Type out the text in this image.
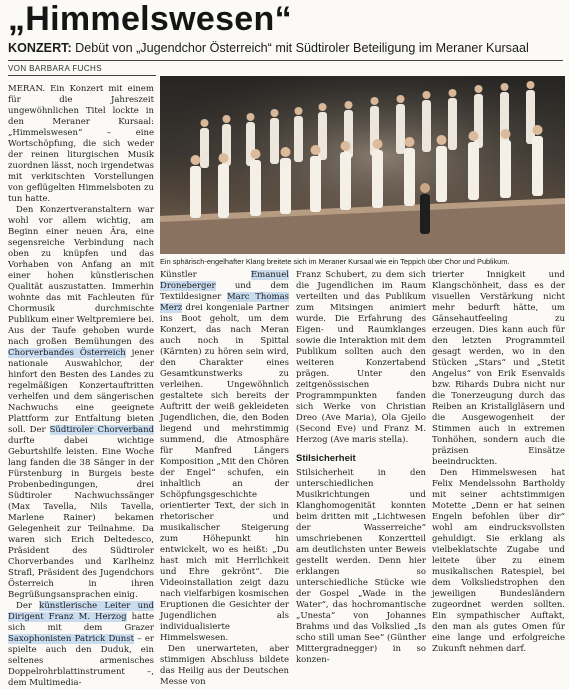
„Himmelswesen“
KONZERT: Debüt von „Jugendchor Österreich“ mit Südtiroler Beteiligung im Meraner Kursaal
VON BARBARA FUCHS
Ein sphärisch-engelhafter Klang breitete sich im Meraner Kursaal wie ein Teppich über Chor und Publikum.

MERAN. Ein Konzert mit einem für die Jahreszeit ungewöhnlichen Titel lockte in den Meraner Kursaal: „Himmelswesen“ – eine Wortschöpfung, die sich weder der reinen liturgischen Musik zuordnen lässt, noch irgendetwas mit verkitschten Vorstellungen von geflügelten Himmelsboten zu tun hatte.

Den Konzertveranstaltern war wohl vor allem wichtig, am Beginn einer neuen Ära, eine segensreiche Verbindung nach oben zu knüpfen und das Vorhaben von Anfang an mit einer hohen künstlerischen Qualität auszustatten. Immerhin wohnte das mit Fachleuten für Chormusik durchmischte Publikum einer Weltpremiere bei. Aus der Taufe gehoben wurde nach großen Bemühungen des Chorverbandes Österreich jener nationale Auswahlchor, der hinfort den Besten des Landes zu regelmäßigen Konzertauftritten verhelfen und dem sängerischen Nachwuchs eine geeignete Plattform zur Entfaltung bieten soll. Der Südtiroler Chorverband durfte dabei wichtige Geburtshilfe leisten. Eine Woche lang fanden die 38 Sänger in der Fürstenburg in Burgeis beste Probenbedingungen, drei Südtiroler Nachwuchssänger (Max Tavella, Nils Tavella, Marlene Rainer) bekamen Gelegenheit zur Teilnahme. Da waren sich Erich Deltedesco, Präsident des Südtiroler Chorverbandes und Karlheinz Strafl, Präsident des Jugendchors Österreich in ihren Begrüßungsansprachen einig.

Der künstlerische Leiter und Dirigent Franz M. Herzog hatte sich mit dem Grazer Saxophonisten Patrick Dunst – er spielte auch den Duduk, ein seltenes armenisches Doppelrohrblattinstrument –, dem Multimedia-

Künstler Emanuel Droneberger und dem Textildesigner Marc Thomas Merz drei kongeniale Partner ins Boot geholt, um dem Konzert, das nach Meran auch noch in Spittal (Kärnten) zu hören sein wird, den Charakter eines Gesamtkunstwerks zu verleihen. Ungewöhnlich gestaltete sich bereits der Auftritt der weiß gekleideten Jugendlichen, die, den Boden liegend und mehrstimmig summend, die Atmosphäre für Manfred Längers Komposition „Mit den Chören der Engel“ schufen, ein inhaltlich an der Schöpfungsgeschichte orientierter Text, der sich in rhetorischer und musikalischer Steigerung zum Höhepunkt hin entwickelt, wo es heißt: „Du hast mich mit Herrlichkeit und Ehre gekrönt“. Die Videoinstallation zeigt dazu nach vielfarbigen kosmischen Eruptionen die Gesichter der Jugendlichen als individualisierte Himmelswesen.

Den unerwarteten, aber stimmigen Abschluss bildete das Heilig aus der Deutschen Messe von

Franz Schubert, zu dem sich die Jugendlichen im Raum verteilten und das Publikum zum Mitsingen animiert wurde. Die Erfahrung des Eigen- und Raumklanges sowie die Interaktion mit dem Publikum sollten auch den weiteren Konzertabend prägen. Unter den zeitgenössischen Programmpunkten fanden sich Werke von Christian Dreo (Ave Maria), Ola Gjeilo (Second Eve) und Franz M. Herzog (Ave maris stella).

Stilsicherheit

Stilsicherheit in den unterschiedlichen Musikrichtungen und Klanghomogenität konnten beim dritten mit „Lichtwesen der Wasserreiche“ umschriebenen Konzertteil am deutlichsten unter Beweis gestellt werden. Denn hier erklangen so unterschiedliche Stücke wie der Gospel „Wade in the Water“, das hochromantische „Unesta“ von Johannes Brahms und das Volkslied „Is scho still uman See“ (Günther Mittergradnegger) in so konzen-

trierter Innigkeit und Klangschönheit, dass es der visuellen Verstärkung nicht mehr bedurft hätte, um Gänsehautfeeling zu erzeugen. Dies kann auch für den letzten Programmteil gesagt werden, wo in den Stücken „Stars“ und „Stetit Angelus“ von Erik Esenvalds bzw. Rihards Dubra nicht nur die Tonerzeugung durch das Reiben an Kristallgläsern und die Ausgewogenheit der Stimmen auch in extremen Tonhöhen, sondern auch die präzisen Einsätze beeindruckten.

Den Himmelswesen hat Felix Mendelssohn Bartholdy mit seiner achtstimmigen Motette „Denn er hat seinen Engeln befohlen über dir“ wohl am eindrucksvollsten gehuldigt. Sie erklang als vielbeklatschte Zugabe und leitete über zu einem musikalischen Ratespiel, bei dem Volksliedstrophen den jeweiligen Bundesländern zugeordnet werden sollten. Ein sympathischer Auftakt, den man als gutes Omen für eine lange und erfolgreiche Zukunft nehmen darf.
